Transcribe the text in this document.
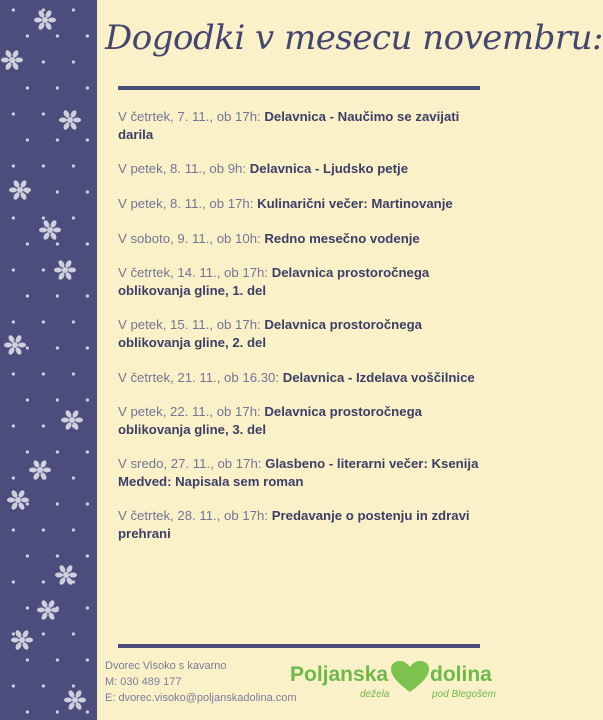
Dogodki v mesecu novembru:
V četrtek, 7. 11., ob 17h: Delavnica - Naučimo se zavijati darila
V petek, 8. 11., ob 9h: Delavnica - Ljudsko petje
V petek, 8. 11., ob 17h: Kulinarični večer: Martinovanje
V soboto, 9. 11., ob 10h: Redno mesečno vodenje
V četrtek, 14. 11., ob 17h: Delavnica prostoročnega oblikovanja gline, 1. del
V petek, 15. 11., ob 17h: Delavnica prostoročnega oblikovanja gline, 2. del
V četrtek, 21. 11., ob 16.30: Delavnica - Izdelava voščilnice
V petek, 22. 11., ob 17h: Delavnica prostoročnega oblikovanja gline, 3. del
V sredo, 27. 11., ob 17h: Glasbeno - literarni večer: Ksenija Medved: Napisala sem roman
V četrtek, 28. 11., ob 17h: Predavanje o postenju in zdravi prehrani
Dvorec Visoko s kavarno
M: 030 489 177
E: dvorec.visoko@poljanskadolina.com
Poljanska dolina
dežela	pod Blegošem
